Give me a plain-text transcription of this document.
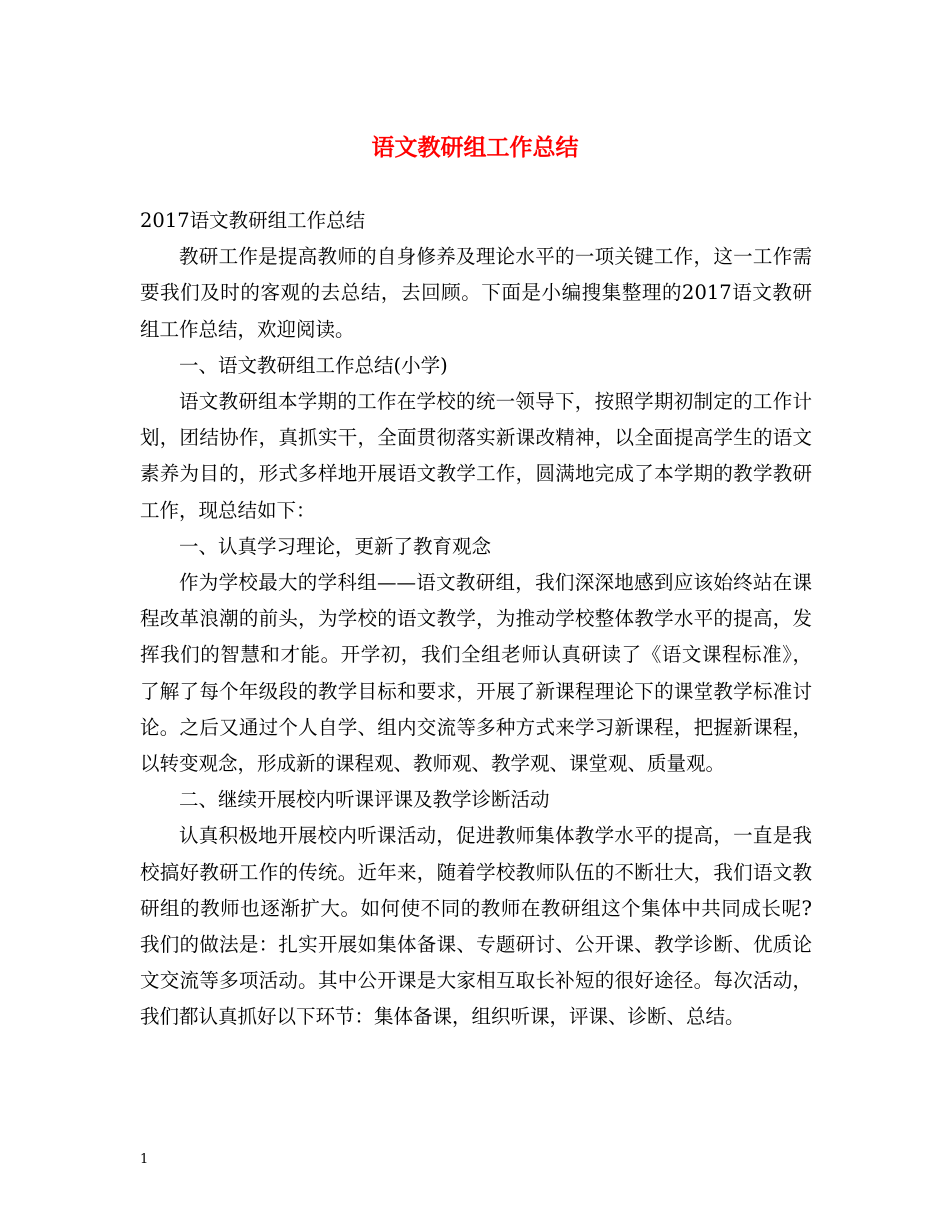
语文教研组工作总结

2017语文教研组工作总结

教研工作是提高教师的自身修养及理论水平的一项关键工作，这一工作需要我们及时的客观的去总结，去回顾。下面是小编搜集整理的2017语文教研组工作总结，欢迎阅读。

一、语文教研组工作总结(小学)

语文教研组本学期的工作在学校的统一领导下，按照学期初制定的工作计划，团结协作，真抓实干，全面贯彻落实新课改精神，以全面提高学生的语文素养为目的，形式多样地开展语文教学工作，圆满地完成了本学期的教学教研工作，现总结如下：

一、认真学习理论，更新了教育观念

作为学校最大的学科组——语文教研组，我们深深地感到应该始终站在课程改革浪潮的前头，为学校的语文教学，为推动学校整体教学水平的提高，发挥我们的智慧和才能。开学初，我们全组老师认真研读了《语文课程标准》，了解了每个年级段的教学目标和要求，开展了新课程理论下的课堂教学标准讨论。之后又通过个人自学、组内交流等多种方式来学习新课程，把握新课程，以转变观念，形成新的课程观、教师观、教学观、课堂观、质量观。

二、继续开展校内听课评课及教学诊断活动

认真积极地开展校内听课活动，促进教师集体教学水平的提高，一直是我校搞好教研工作的传统。近年来，随着学校教师队伍的不断壮大，我们语文教研组的教师也逐渐扩大。如何使不同的教师在教研组这个集体中共同成长呢?我们的做法是：扎实开展如集体备课、专题研讨、公开课、教学诊断、优质论文交流等多项活动。其中公开课是大家相互取长补短的很好途径。每次活动，我们都认真抓好以下环节：集体备课，组织听课，评课、诊断、总结。

1
